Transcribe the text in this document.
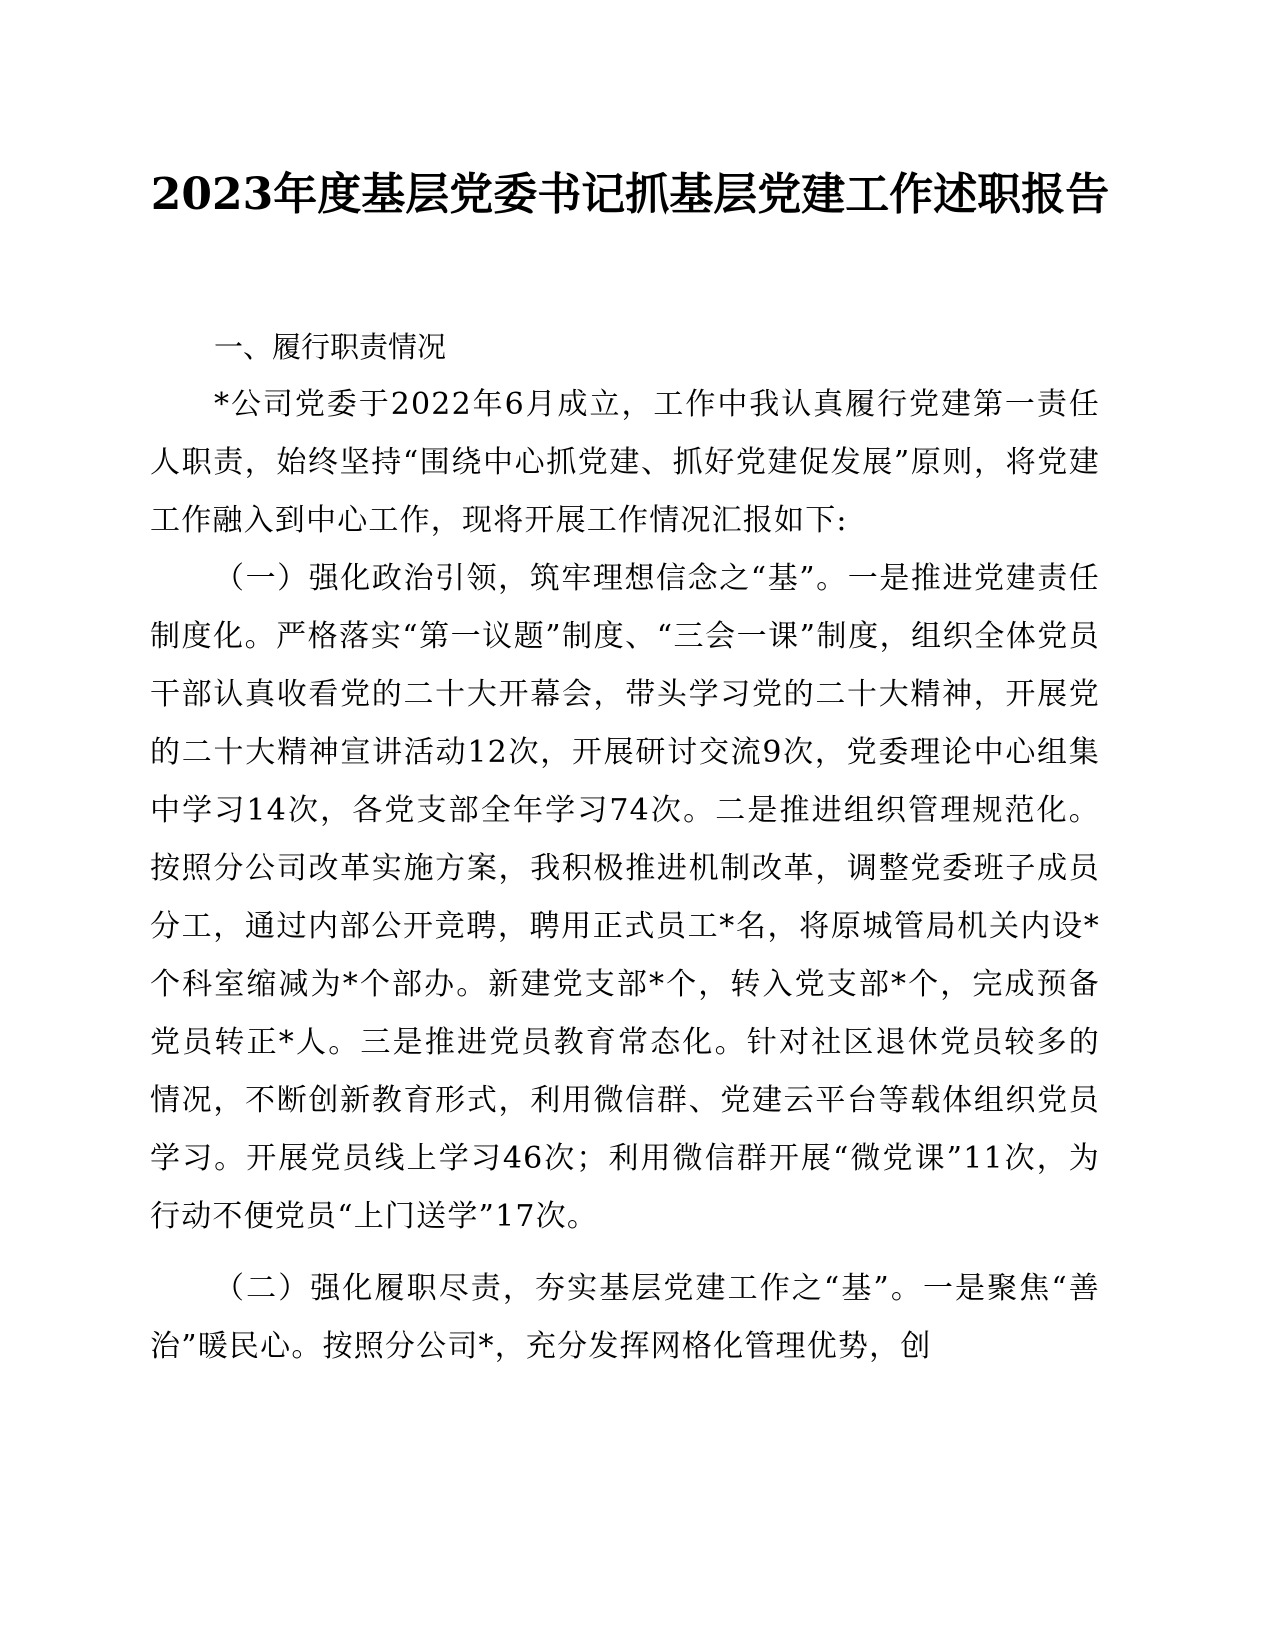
2023年度基层党委书记抓基层党建工作述职报告
一、履行职责情况

*公司党委于2022年6月成立，工作中我认真履行党建第一责任人职责，始终坚持“围绕中心抓党建、抓好党建促发展”原则，将党建工作融入到中心工作，现将开展工作情况汇报如下:

（一）强化政治引领，筑牢理想信念之“基”。一是推进党建责任制度化。严格落实“第一议题”制度、“三会一课”制度，组织全体党员干部认真收看党的二十大开幕会，带头学习党的二十大精神，开展党的二十大精神宣讲活动12次，开展研讨交流9次，党委理论中心组集中学习14次，各党支部全年学习74次。二是推进组织管理规范化。按照分公司改革实施方案，我积极推进机制改革，调整党委班子成员分工，通过内部公开竞聘，聘用正式员工*名，将原城管局机关内设*个科室缩减为*个部办。新建党支部*个，转入党支部*个，完成预备党员转正*人。三是推进党员教育常态化。针对社区退休党员较多的情况，不断创新教育形式，利用微信群、党建云平台等载体组织党员学习。开展党员线上学习46次；利用微信群开展“微党课”11次，为行动不便党员“上门送学”17次。

（二）强化履职尽责，夯实基层党建工作之“基”。一是聚焦“善治”暖民心。按照分公司*，充分发挥网格化管理优势，创
